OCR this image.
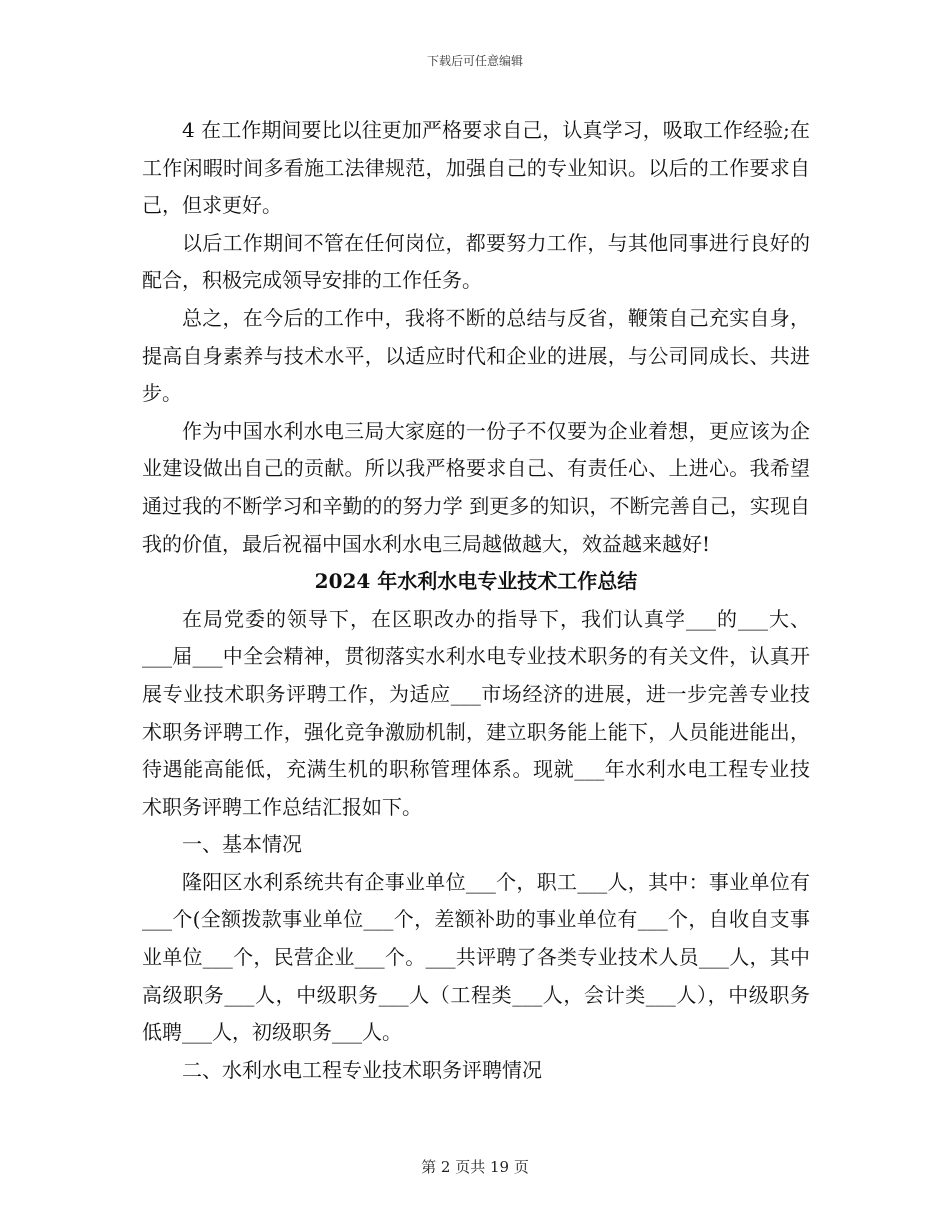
下载后可任意编辑

4 在工作期间要比以往更加严格要求自己，认真学习，吸取工作经验;在工作闲暇时间多看施工法律规范，加强自己的专业知识。以后的工作要求自己，但求更好。

以后工作期间不管在任何岗位，都要努力工作，与其他同事进行良好的配合，积极完成领导安排的工作任务。

总之，在今后的工作中，我将不断的总结与反省，鞭策自己充实自身，提高自身素养与技术水平，以适应时代和企业的进展，与公司同成长、共进步。

作为中国水利水电三局大家庭的一份子不仅要为企业着想，更应该为企业建设做出自己的贡献。所以我严格要求自己、有责任心、上进心。我希望通过我的不断学习和辛勤的的努力学 到更多的知识，不断完善自己，实现自我的价值，最后祝福中国水利水电三局越做越大，效益越来越好!

2024 年水利水电专业技术工作总结

在局党委的领导下，在区职改办的指导下，我们认真学___的___大、___届___中全会精神，贯彻落实水利水电专业技术职务的有关文件，认真开展专业技术职务评聘工作，为适应___市场经济的进展，进一步完善专业技术职务评聘工作，强化竞争激励机制，建立职务能上能下，人员能进能出，待遇能高能低，充满生机的职称管理体系。现就___年水利水电工程专业技术职务评聘工作总结汇报如下。

一、基本情况

隆阳区水利系统共有企事业单位___个，职工___人，其中：事业单位有___个(全额拨款事业单位___个，差额补助的事业单位有___个，自收自支事业单位___个，民营企业___个。___共评聘了各类专业技术人员___人，其中高级职务___人，中级职务___人（工程类___人，会计类___人），中级职务低聘___人，初级职务___人。

二、水利水电工程专业技术职务评聘情况

第 2 页共 19 页
